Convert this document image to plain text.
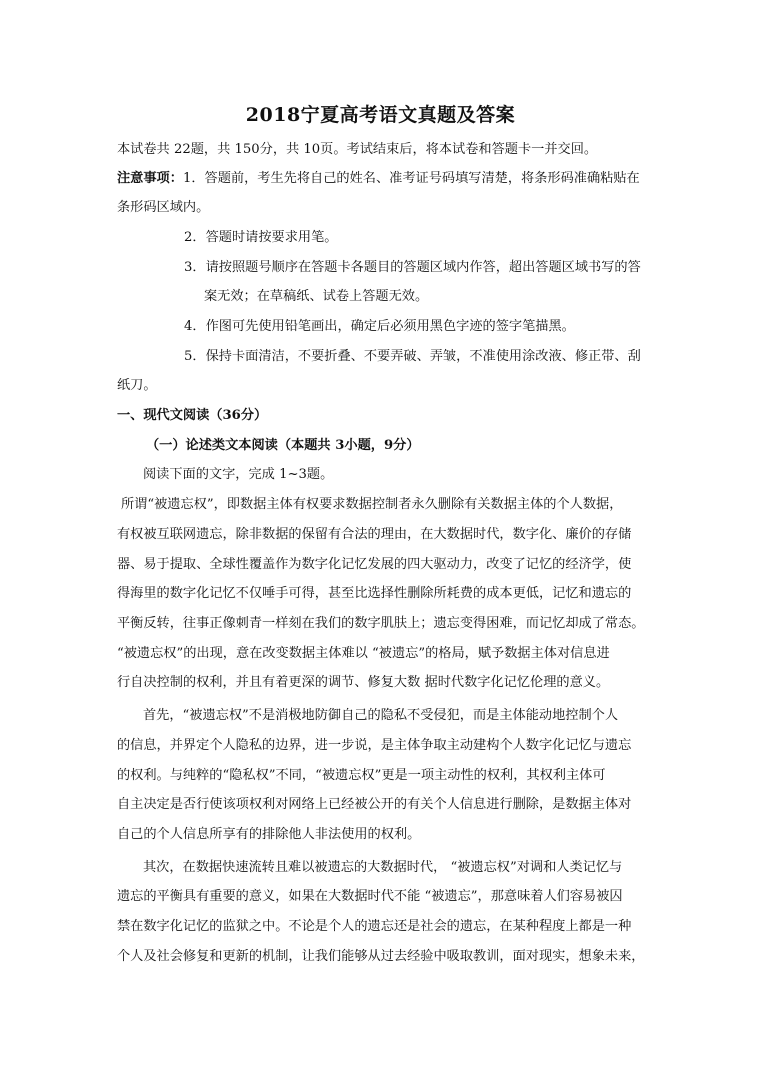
2018宁夏高考语文真题及答案

本试卷共 22题，共 150分，共 10页。考试结束后，将本试卷和答题卡一并交回。

注意事项：1．答题前，考生先将自己的姓名、准考证号码填写清楚，将条形码准确粘贴在

条形码区域内。

2．答题时请按要求用笔。

3．请按照题号顺序在答题卡各题目的答题区域内作答，超出答题区域书写的答

案无效；在草稿纸、试卷上答题无效。

4．作图可先使用铅笔画出，确定后必须用黑色字迹的签字笔描黑。

5．保持卡面清洁，不要折叠、不要弄破、弄皱，不准使用涂改液、修正带、刮

纸刀。

一、现代文阅读（36分）

（一）论述类文本阅读（本题共 3小题，9分）

阅读下面的文字，完成 1~3题。

所谓“被遗忘权”，即数据主体有权要求数据控制者永久删除有关数据主体的个人数据，

有权被互联网遗忘，除非数据的保留有合法的理由，在大数据时代，数字化、廉价的存储

器、易于提取、全球性覆盖作为数字化记忆发展的四大驱动力，改变了记忆的经济学，使

得海里的数字化记忆不仅唾手可得，甚至比选择性删除所耗费的成本更低，记忆和遗忘的

平衡反转，往事正像刺青一样刻在我们的数字肌肤上；遗忘变得困难，而记忆却成了常态。

“被遗忘权”的出现，意在改变数据主体难以 “被遗忘”的格局，赋予数据主体对信息进

行自决控制的权利，并且有着更深的调节、修复大数 据时代数字化记忆伦理的意义。

首先，“被遗忘权”不是消极地防御自己的隐私不受侵犯，而是主体能动地控制个人

的信息，并界定个人隐私的边界，进一步说，是主体争取主动建构个人数字化记忆与遗忘

的权利。与纯粹的“隐私权”不同，“被遗忘权”更是一项主动性的权利，其权利主体可

自主决定是否行使该项权利对网络上已经被公开的有关个人信息进行删除，是数据主体对

自己的个人信息所享有的排除他人非法使用的权利。

其次，在数据快速流转且难以被遗忘的大数据时代， “被遗忘权”对调和人类记忆与

遗忘的平衡具有重要的意义，如果在大数据时代不能 “被遗忘”，那意味着人们容易被囚

禁在数字化记忆的监狱之中。不论是个人的遗忘还是社会的遗忘，在某种程度上都是一种

个人及社会修复和更新的机制，让我们能够从过去经验中吸取教训，面对现实，想象未来，
